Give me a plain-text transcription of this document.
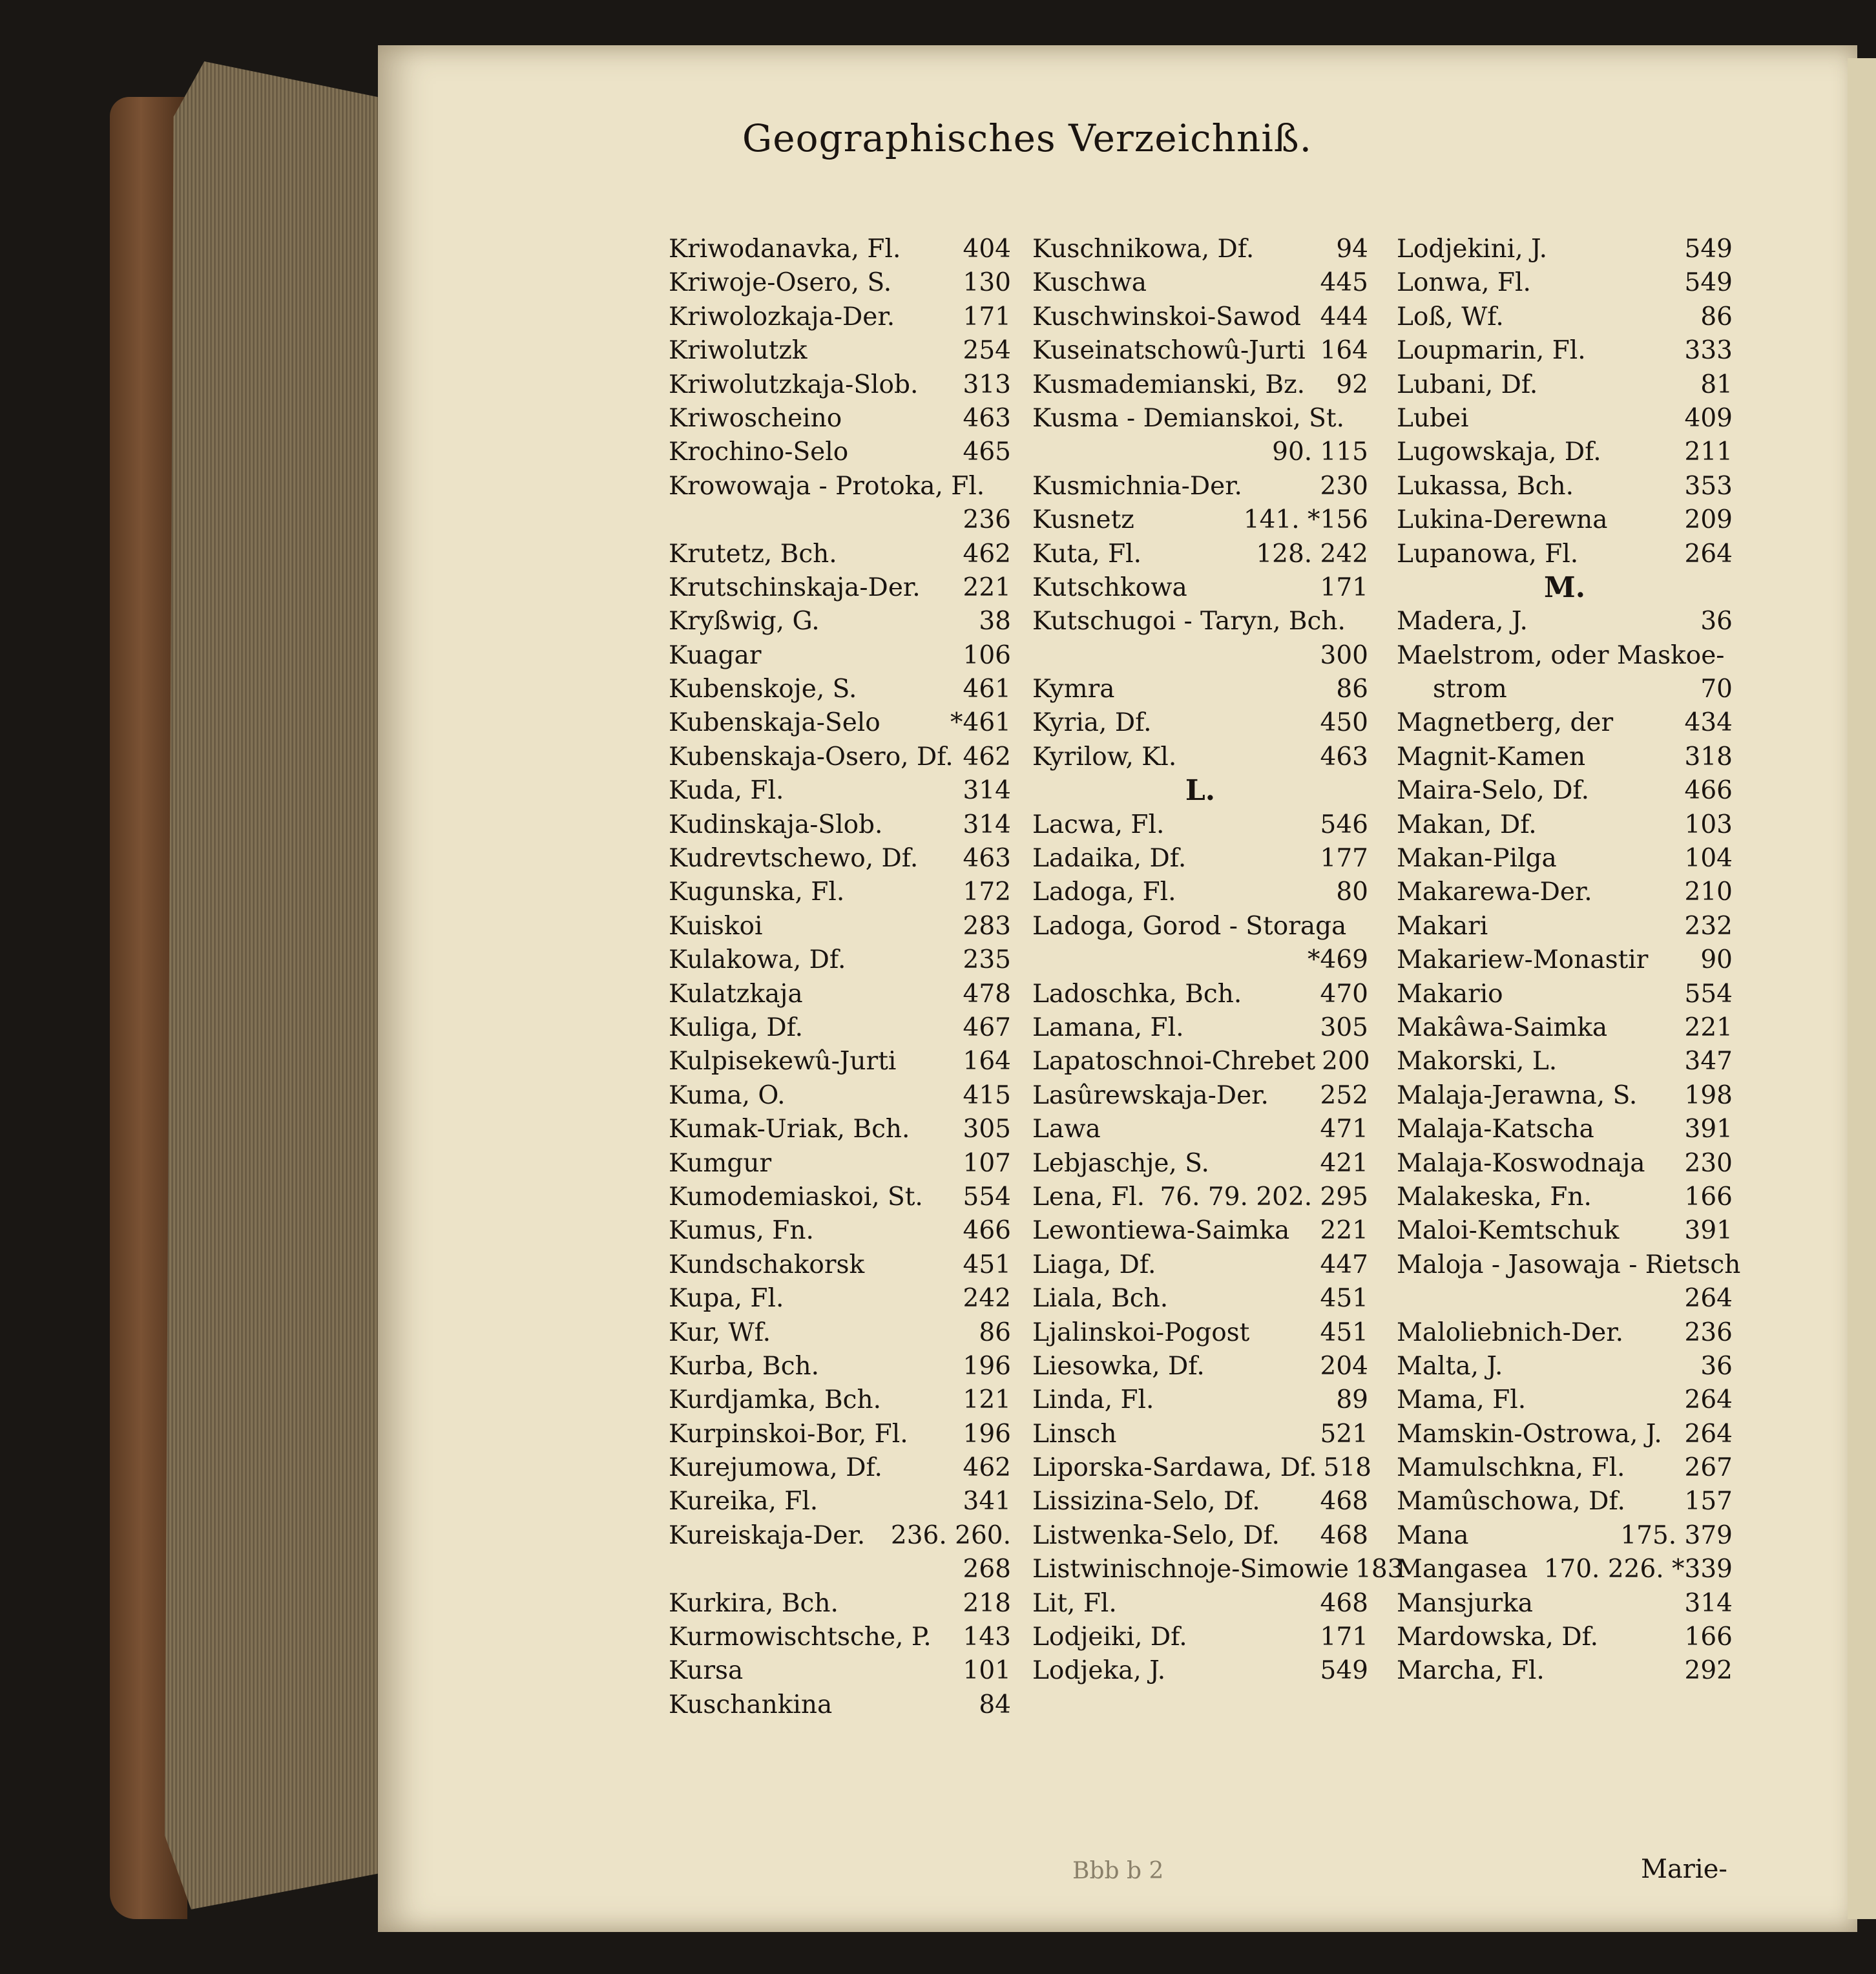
Geographisches Verzeichniß.
Kriwodanavka, Fl. 404
Kriwoje-Osero, S.	130
Kriwolozkaja-Der.	171
Kriwolutzk	254
Kriwolutzkaja-Slob. 313
Kriwoscheino	463
Krochino-Selo	465
Krowowaja - Protoka, Fl.
236
Krutetz, Bch.	462
Krutschinskaja-Der. 221
Kryßwig, G.	38
Kuagar	106
Kubenskoje, S.	461
Kubenskaja-Selo	*461
Kubenskaja-Osero, Df. 462
Kuda, Fl.	314
Kudinskaja-Slob.	314
Kudrevtschewo, Df. 463
Kugunska, Fl.	172
Kuiskoi	283
Kulakowa, Df.	235
Kulatzkaja	478
Kuliga, Df.	467
Kulpisekewû-Jurti	164
Kuma, O.	415
Kumak-Uriak, Bch. 305
Kumgur	107
Kumodemiaskoi, St. 554
Kumus, Fn.	466
Kundschakorsk	451
Kupa, Fl.	242
Kur, Wf.	86
Kurba, Bch.	196
Kurdjamka, Bch.	121
Kurpinskoi-Bor, Fl. 196
Kurejumowa, Df.	462
Kureika, Fl.	341
Kureiskaja-Der. 236. 260.
268
Kurkira, Bch.	218
Kurmowischtsche, P. 143
Kursa	101
Kuschankina	84
Kuschnikowa, Df.	94
Kuschwa	445
Kuschwinskoi-Sawod 444
Kuseinatschowû-Jurti 164
Kusmademianski, Bz. 92
Kusma - Demianskoi, St.
90. 115
Kusmichnia-Der.	230
Kusnetz	141. *156
Kuta, Fl.	128. 242
Kutschkowa	171
Kutschugoi - Taryn, Bch.
300
Kymra	86
Kyria, Df.	450
Kyrilow, Kl.	463
L.
Lacwa, Fl.	546
Ladaika, Df.	177
Ladoga, Fl.	80
Ladoga, Gorod - Storaga
*469
Ladoschka, Bch.	470
Lamana, Fl.	305
Lapatoschnoi-Chrebet 200
Lasûrewskaja-Der. 252
Lawa	471
Lebjaschje, S.	421
Lena, Fl. 76. 79. 202. 295
Lewontiewa-Saimka 221
Liaga, Df.	447
Liala, Bch.	451
Ljalinskoi-Pogost	451
Liesowka, Df.	204
Linda, Fl.	89
Linsch	521
Liporska-Sardawa, Df. 518
Lissizina-Selo, Df. 468
Listwenka-Selo, Df. 468
Listwinischnoje-Simowie 183
Lit, Fl.	468
Lodjeiki, Df.	171
Lodjeka, J.	549
Lodjekini, J.	549
Lonwa, Fl.	549
Loß, Wf.	86
Loupmarin, Fl.	333
Lubani, Df.	81
Lubei	409
Lugowskaja, Df.	211
Lukassa, Bch.	353
Lukina-Derewna	209
Lupanowa, Fl.	264
M.
Madera, J.	36
Maelstrom, oder Maskoe-
strom	70
Magnetberg, der	434
Magnit-Kamen	318
Maira-Selo, Df.	466
Makan, Df.	103
Makan-Pilga	104
Makarewa-Der.	210
Makari	232
Makariew-Monastir 90
Makario	554
Makâwa-Saimka	221
Makorski, L.	347
Malaja-Jerawna, S. 198
Malaja-Katscha	391
Malaja-Koswodnaja 230
Malakeska, Fn.	166
Maloi-Kemtschuk	391
Maloja - Jasowaja - Rietsch
264
Maloliebnich-Der. 236
Malta, J.	36
Mama, Fl.	264
Mamskin-Ostrowa, J. 264
Mamulschkna, Fl. 267
Mamûschowa, Df. 157
Mana	175. 379
Mangasea 170. 226. *339
Mansjurka	314
Mardowska, Df.	166
Marcha, Fl.	292
Bbb b 2	Marie-
